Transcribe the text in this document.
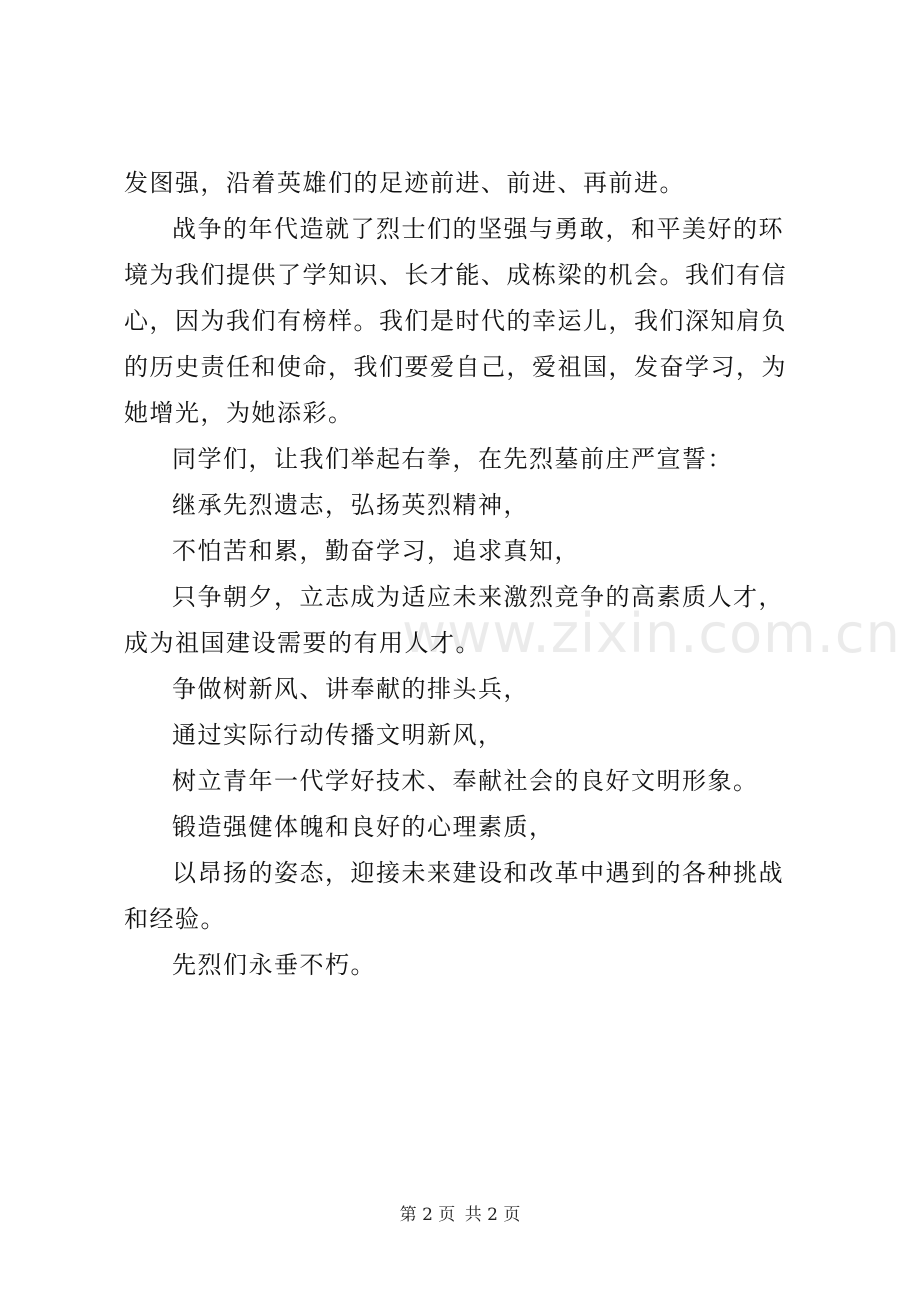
发图强，沿着英雄们的足迹前进、前进、再前进。

战争的年代造就了烈士们的坚强与勇敢，和平美好的环境为我们提供了学知识、长才能、成栋梁的机会。我们有信心，因为我们有榜样。我们是时代的幸运儿，我们深知肩负的历史责任和使命，我们要爱自己，爱祖国，发奋学习，为她增光，为她添彩。

同学们，让我们举起右拳，在先烈墓前庄严宣誓：

继承先烈遗志，弘扬英烈精神，

不怕苦和累，勤奋学习，追求真知，

只争朝夕，立志成为适应未来激烈竞争的高素质人才，成为祖国建设需要的有用人才。

争做树新风、讲奉献的排头兵，

通过实际行动传播文明新风，

树立青年一代学好技术、奉献社会的良好文明形象。

锻造强健体魄和良好的心理素质，

以昂扬的姿态，迎接未来建设和改革中遇到的各种挑战和经验。

先烈们永垂不朽。

www.zixin.com.cn
第 2 页 共 2 页
